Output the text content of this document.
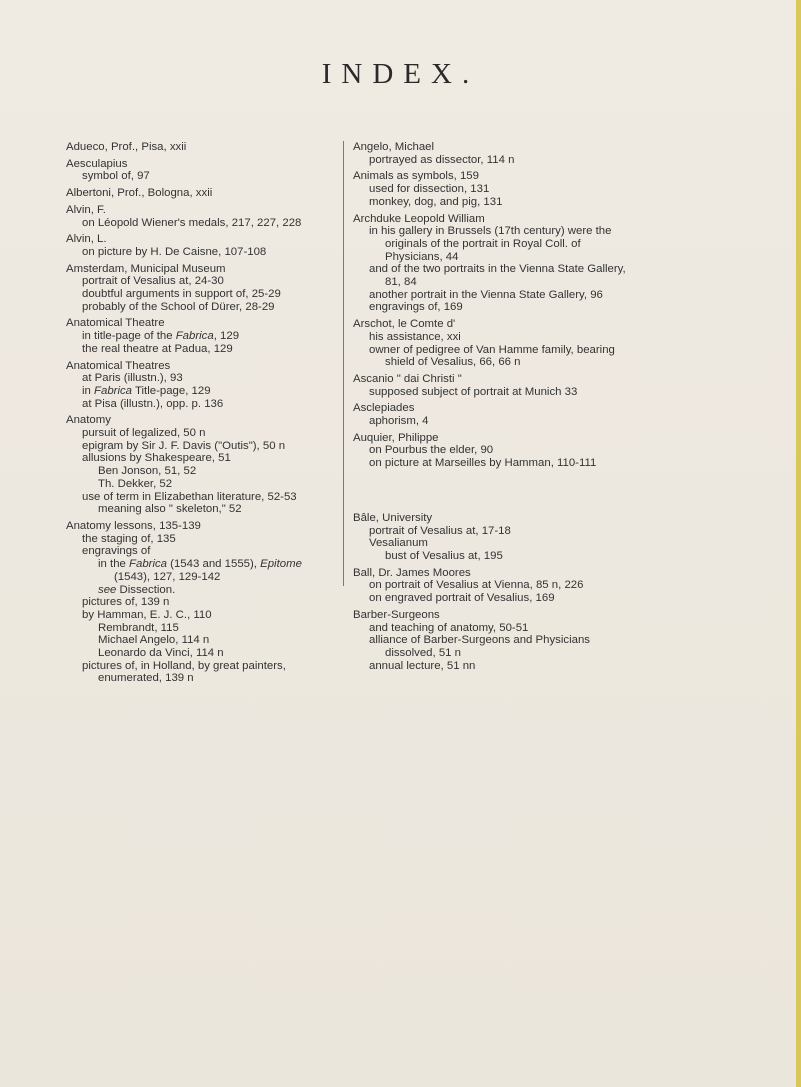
INDEX.
Adueco, Prof., Pisa, xxii
Aesculapius
symbol of, 97
Albertoni, Prof., Bologna, xxii
Alvin, F.
on Léopold Wiener's medals, 217, 227, 228
Alvin, L.
on picture by H. De Caisne, 107-108
Amsterdam, Municipal Museum
portrait of Vesalius at, 24-30
doubtful arguments in support of, 25-29
probably of the School of Dürer, 28-29
Anatomical Theatre
in title-page of the Fabrica, 129
the real theatre at Padua, 129
Anatomical Theatres
at Paris (illustn.), 93
in Fabrica Title-page, 129
at Pisa (illustn.), opp. p. 136
Anatomy
pursuit of legalized, 50 n
epigram by Sir J. F. Davis ("Outis"), 50 n
allusions by Shakespeare, 51
Ben Jonson, 51, 52
Th. Dekker, 52
use of term in Elizabethan literature, 52-53
meaning also " skeleton," 52
Anatomy lessons, 135-139
the staging of, 135
engravings of
in the Fabrica (1543 and 1555), Epitome (1543), 127, 129-142
see Dissection.
pictures of, 139 n
by Hamman, E. J. C., 110
Rembrandt, 115
Michael Angelo, 114 n
Leonardo da Vinci, 114 n
pictures of, in Holland, by great painters, enumerated, 139 n
Angelo, Michael
portrayed as dissector, 114 n
Animals as symbols, 159
used for dissection, 131
monkey, dog, and pig, 131
Archduke Leopold William
in his gallery in Brussels (17th century) were the originals of the portrait in Royal Coll. of Physicians, 44
and of the two portraits in the Vienna State Gallery, 81, 84
another portrait in the Vienna State Gallery, 96
engravings of, 169
Arschot, le Comte d'
his assistance, xxi
owner of pedigree of Van Hamme family, bearing shield of Vesalius, 66, 66 n
Ascanio " dai Christi "
supposed subject of portrait at Munich 33
Asclepiades
aphorism, 4
Auquier, Philippe
on Pourbus the elder, 90
on picture at Marseilles by Hamman, 110-111
Bâle, University
portrait of Vesalius at, 17-18
Vesalianum
bust of Vesalius at, 195
Ball, Dr. James Moores
on portrait of Vesalius at Vienna, 85 n, 226
on engraved portrait of Vesalius, 169
Barber-Surgeons
and teaching of anatomy, 50-51
alliance of Barber-Surgeons and Physicians dissolved, 51 n
annual lecture, 51 nn
